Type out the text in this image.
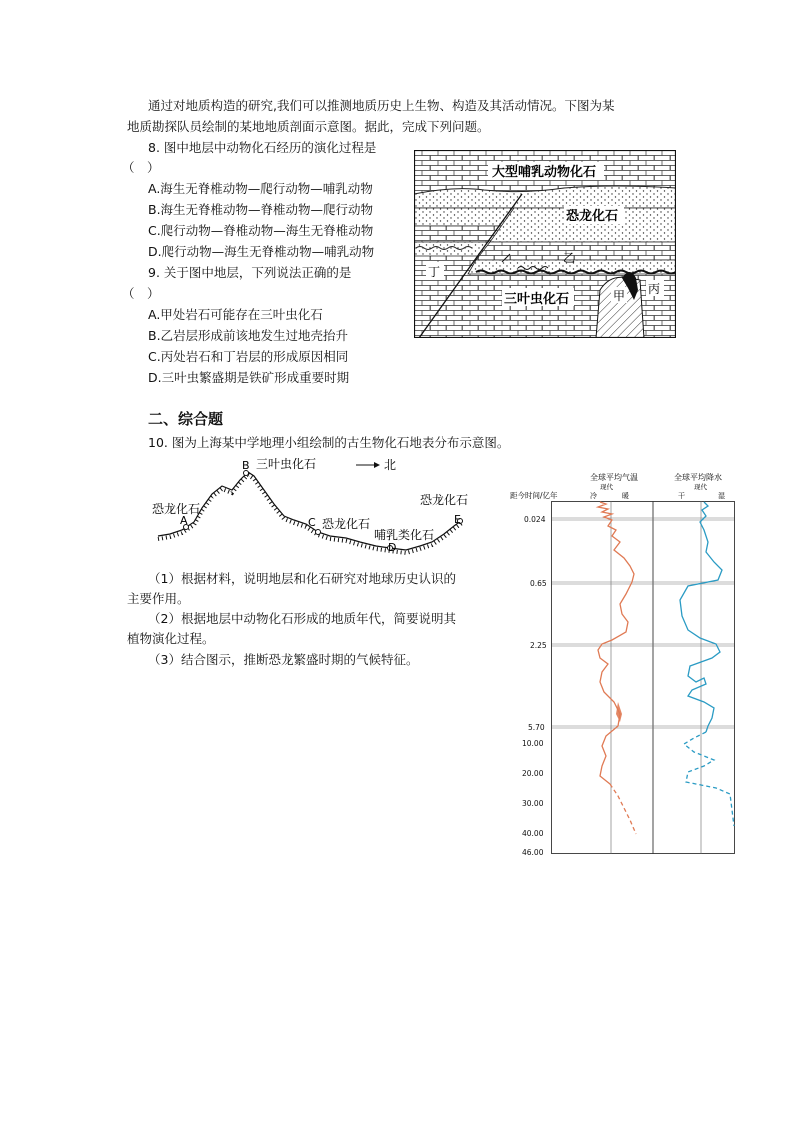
通过对地质构造的研究,我们可以推测地质历史上生物、构造及其活动情况。下图为某
地质勘探队员绘制的某地地质剖面示意图。据此，完成下列问题。
8. 图中地层中动物化石经历的演化过程是
（　）
A.海生无脊椎动物—爬行动物—哺乳动物
B.海生无脊椎动物—脊椎动物—爬行动物
C.爬行动物—脊椎动物—海生无脊椎动物
D.爬行动物—海生无脊椎动物—哺乳动物
9. 关于图中地层，下列说法正确的是
（　）
A.甲处岩石可能存在三叶虫化石
B.乙岩层形成前该地发生过地壳抬升
C.丙处岩石和丁岩层的形成原因相同
D.三叶虫繁盛期是铁矿形成重要时期
大型哺乳动物化石
恐龙化石
乙
丁
三叶虫化石	甲 丙
二、综合题
10. 图为上海某中学地理小组绘制的古生物化石地表分布示意图。
A
B
C
D
E
三叶虫化石	北
恐龙化石
恐龙化石
哺乳类化石
恐龙化石
（1）根据材料，说明地层和化石研究对地球历史认识的
主要作用。
（2）根据地层中动物化石形成的地质年代，简要说明其
植物演化过程。
（3）结合图示，推断恐龙繁盛时期的气候特征。
全球平均气温
现代
全球平均降水
现代
距今时间/亿年	冷	暖	干	湿
0.024
0.65
2.25
5.70
10.00
20.00
30.00
40.00
46.00
